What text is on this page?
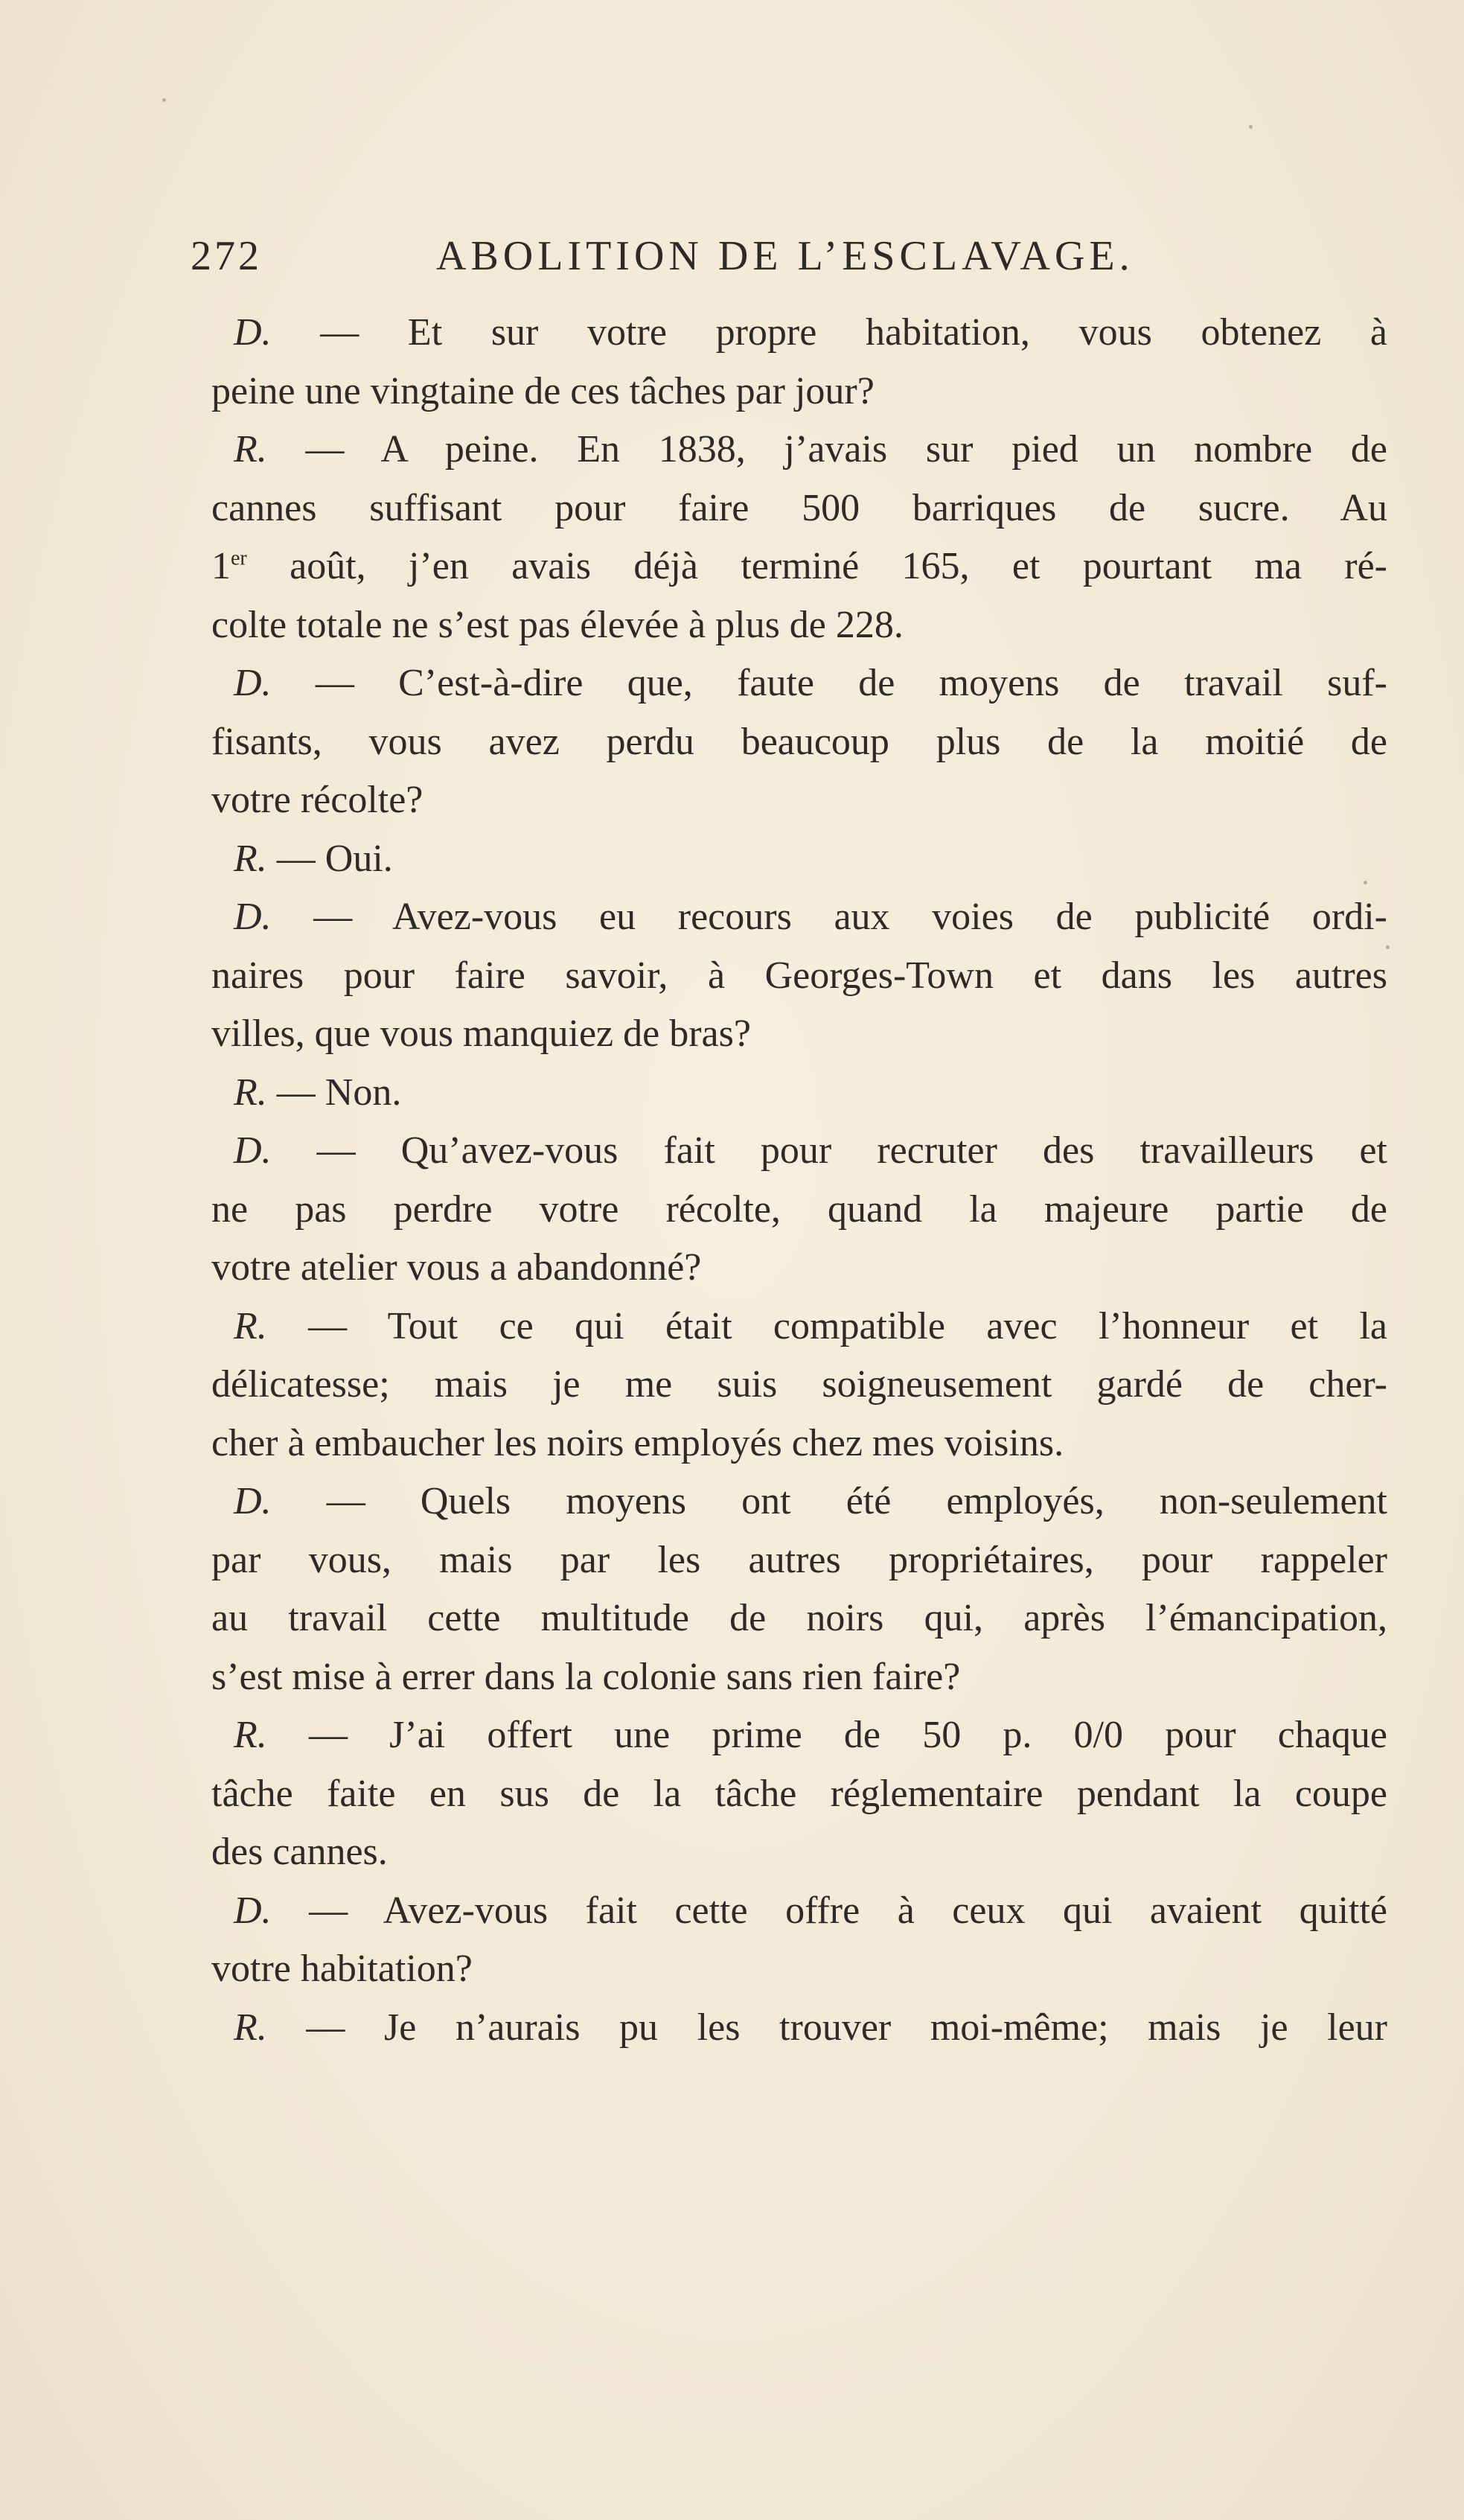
272	ABOLITION DE L’ESCLAVAGE.
D. — Et sur votre propre habitation, vous obtenez à
peine une vingtaine de ces tâches par jour?
R. — A peine. En 1838, j’avais sur pied un nombre de
cannes suffisant pour faire 500 barriques de sucre. Au
1er août, j’en avais déjà terminé 165, et pourtant ma ré-
colte totale ne s’est pas élevée à plus de 228.
D. — C’est-à-dire que, faute de moyens de travail suf-
fisants, vous avez perdu beaucoup plus de la moitié de
votre récolte?
R. — Oui.
D. — Avez-vous eu recours aux voies de publicité ordi-
naires pour faire savoir, à Georges-Town et dans les autres
villes, que vous manquiez de bras?
R. — Non.
D. — Qu’avez-vous fait pour recruter des travailleurs et
ne pas perdre votre récolte, quand la majeure partie de
votre atelier vous a abandonné?
R. — Tout ce qui était compatible avec l’honneur et la
délicatesse; mais je me suis soigneusement gardé de cher-
cher à embaucher les noirs employés chez mes voisins.
D. — Quels moyens ont été employés, non-seulement
par vous, mais par les autres propriétaires, pour rappeler
au travail cette multitude de noirs qui, après l’émancipation,
s’est mise à errer dans la colonie sans rien faire?
R. — J’ai offert une prime de 50 p. 0/0 pour chaque
tâche faite en sus de la tâche réglementaire pendant la coupe
des cannes.
D. — Avez-vous fait cette offre à ceux qui avaient quitté
votre habitation?
R. — Je n’aurais pu les trouver moi-même; mais je leur
